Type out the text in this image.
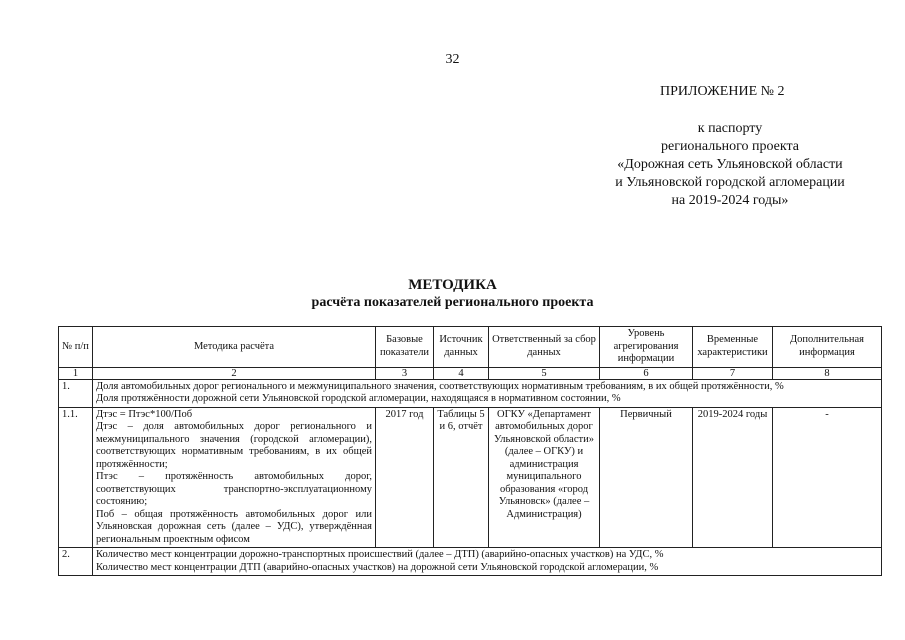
32
ПРИЛОЖЕНИЕ № 2
к паспорту
регионального проекта
«Дорожная сеть Ульяновской области
и Ульяновской городской агломерации
на 2019-2024 годы»
МЕТОДИКА
расчёта показателей регионального проекта
№ п/п	Методика расчёта	Базовые показатели	Источник данных	Ответственный за сбор данных	Уровень агрегирования информации	Временные характеристики	Дополнительная информация
1	2	3	4	5	6	7	8
1.	Доля автомобильных дорог регионального и межмуниципального значения, соответствующих нормативным требованиям, в их общей протяжённости, %
Доля протяжённости дорожной сети Ульяновской городской агломерации, находящаяся в нормативном состоянии, %						

1.1.	Дтэс = Птэс*100/Поб
Дтэс – доля автомобильных дорог регионального и межмуниципального значения (городской агломерации), соответствующих нормативным требованиям, в их общей протяжённости;
Птэс – протяжённость автомобильных дорог, соответствующих транспортно-эксплуатационному состоянию;
Поб – общая протяжённость автомобильных дорог или Ульяновская дорожная сеть (далее – УДС), утверждённая региональным проектным офисом	2017 год	Таблицы 5 и 6, отчёт	ОГКУ «Департамент автомобильных дорог Ульяновской области» (далее – ОГКУ) и администрация муниципального образования «город Ульяновск» (далее – Администрация)	Первичный	2019-2024 годы	-
2.	Количество мест концентрации дорожно-транспортных происшествий (далее – ДТП) (аварийно-опасных участков) на УДС, %
Количество мест концентрации ДТП (аварийно-опасных участков) на дорожной сети Ульяновской городской агломерации, %						
